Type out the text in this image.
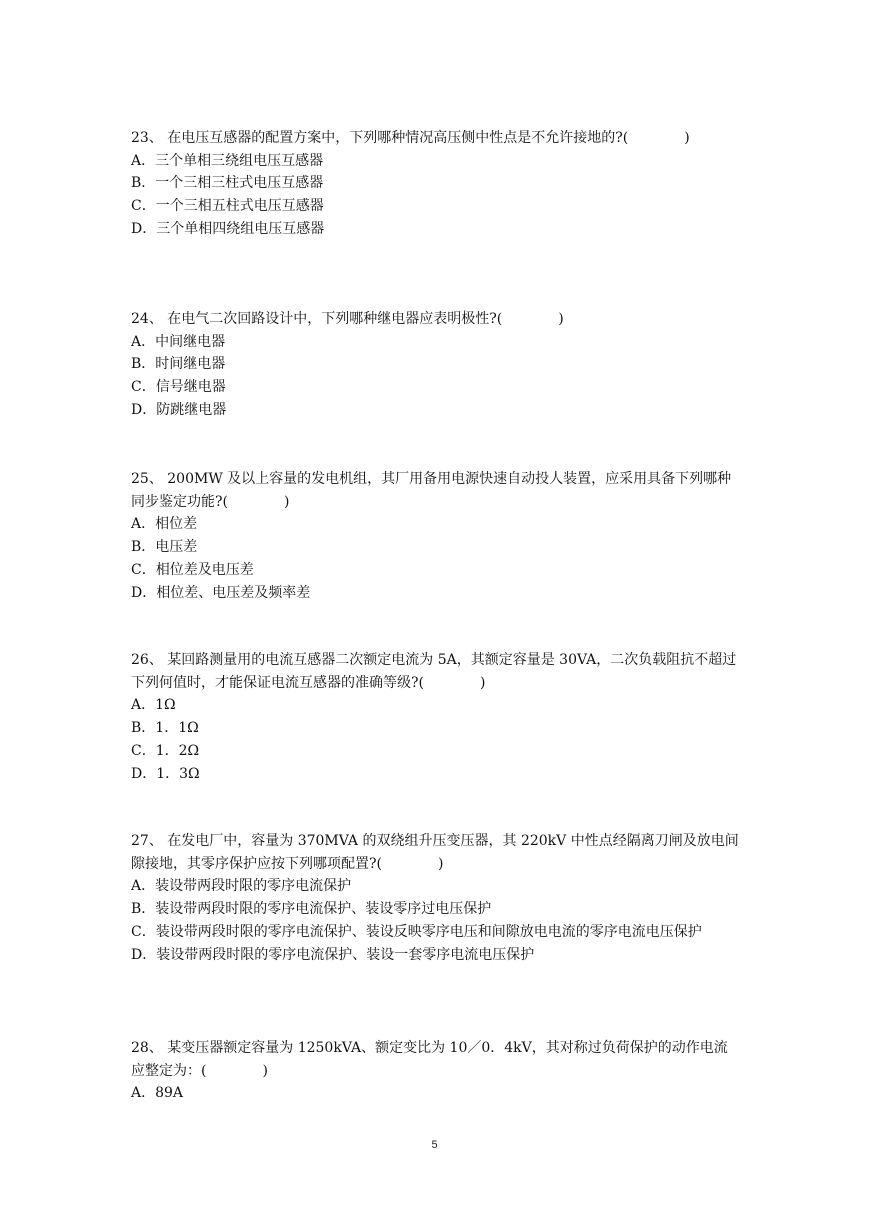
23、 在电压互感器的配置方案中，下列哪种情况高压侧中性点是不允许接地的?(　　　　)

A．三个单相三绕组电压互感器
B．一个三相三柱式电压互感器
C．一个三相五柱式电压互感器
D．三个单相四绕组电压互感器

24、 在电气二次回路设计中，下列哪种继电器应表明极性?(　　　　)

A．中间继电器
B．时间继电器
C．信号继电器
D．防跳继电器

25、 200MW 及以上容量的发电机组，其厂用备用电源快速自动投人装置，应采用具备下列哪种同步鉴定功能?(　　　　)

A．相位差
B．电压差
C．相位差及电压差
D．相位差、电压差及频率差

26、 某回路测量用的电流互感器二次额定电流为 5A，其额定容量是 30VA，二次负载阻抗不超过下列何值时，才能保证电流互感器的准确等级?(　　　　)

A．1Ω
B．1．1Ω
C．1．2Ω
D．1．3Ω

27、 在发电厂中，容量为 370MVA 的双绕组升压变压器，其 220kV 中性点经隔离刀闸及放电间隙接地，其零序保护应按下列哪项配置?(　　　　)

A．装设带两段时限的零序电流保护
B．装设带两段时限的零序电流保护、装设零序过电压保护
C．装设带两段时限的零序电流保护、装设反映零序电压和间隙放电电流的零序电流电压保护
D．装设带两段时限的零序电流保护、装设一套零序电流电压保护

28、 某变压器额定容量为 1250kVA、额定变比为 10／0．4kV，其对称过负荷保护的动作电流应整定为：(　　　　)

A．89A
5
